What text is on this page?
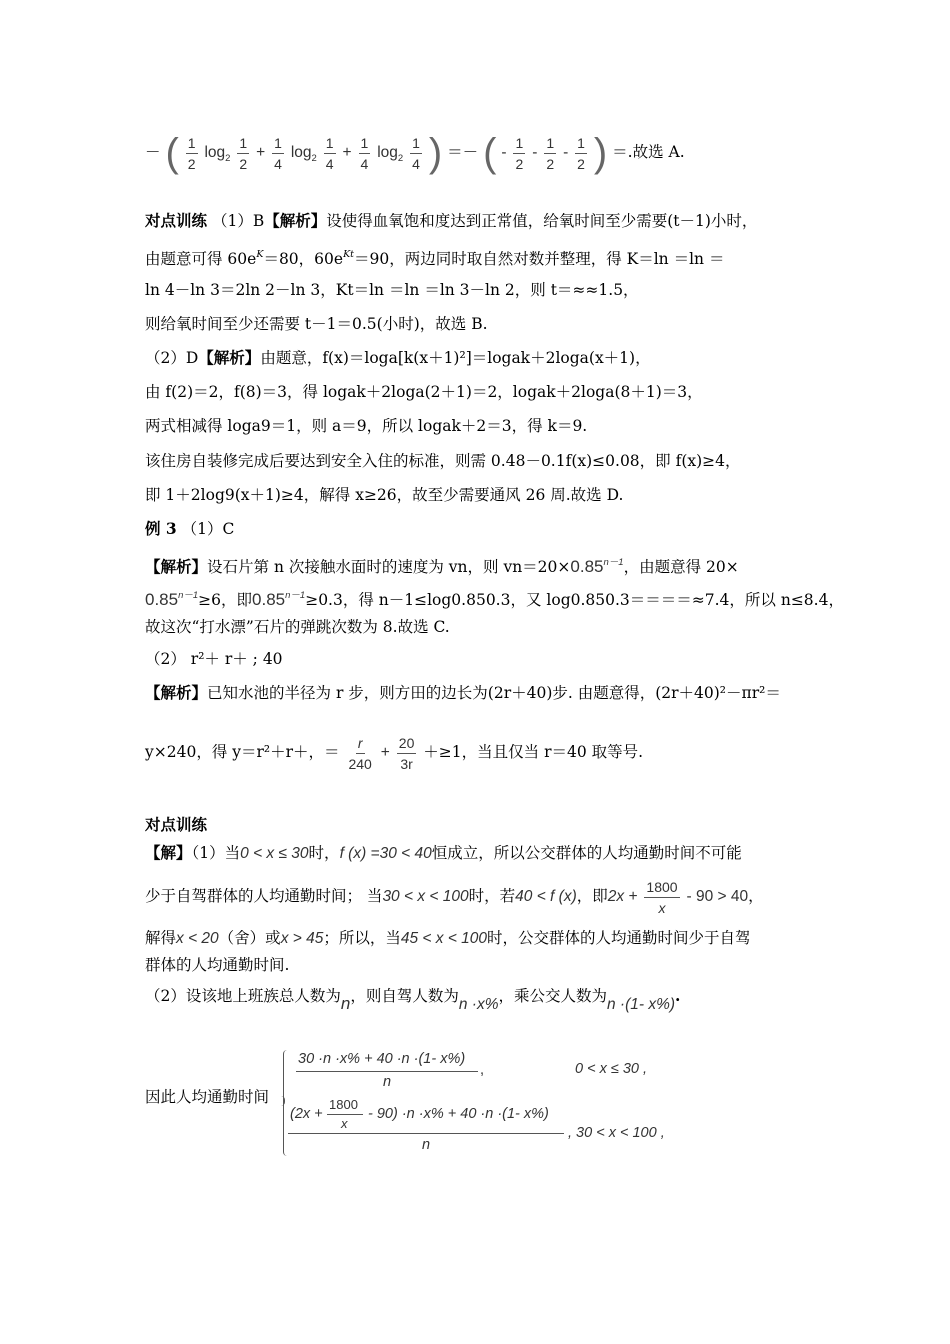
－ ( $\frac{1}{2} \log_2 \frac{1}{2} + \frac{1}{4} \log_2 \frac{1}{4} + \frac{1}{4} \log_2 \frac{1}{4}$ ) ＝－ ( - $\frac{1}{2} - \frac{1}{2} - \frac{1}{2}$ ) ＝.故选 A.
对点训练 （1）B【解析】设使得血氧饱和度达到正常值，给氧时间至少需要(t－1)小时，
由题意可得 $60e^K=80$，$60e^{Kt}=90$，两边同时取自然对数并整理，得 K＝ln ＝ln ＝
ln 4－ln 3＝2ln 2－ln 3，Kt＝ln ＝ln ＝ln 3－ln 2，则 t＝≈≈1.5，
则给氧时间至少还需要 t－1＝0.5(小时)，故选 B.
（2）D【解析】由题意，f(x)＝loga[k(x＋1)²]＝logak＋2loga(x＋1)，
由 f(2)＝2，f(8)＝3，得 logak＋2loga(2＋1)＝2，logak＋2loga(8＋1)＝3，
两式相减得 loga9＝1，则 a＝9，所以 logak＋2＝3，得 k＝9.
该住房自装修完成后要达到安全入住的标准，则需 0.48－0.1f(x)≤0.08，即 f(x)≥4，
即 1＋2log9(x＋1)≥4，解得 x≥26，故至少需要通风 26 周.故选 D.
例 3 （1）C
【解析】设石片第 n 次接触水面时的速度为 vn，则 $vn=20\times 0.85^{n-1}$，由题意得 20×
$0.85^{n-1}\ge 6$，即$0.85^{n-1}\ge 0.3$，得 n－1≤log0.850.3，又 log0.850.3＝＝＝＝≈7.4，所以 n≤8.4，
故这次“打水漂”石片的弹跳次数为 8.故选 C.
（2） r²＋ r＋ ; 40
【解析】已知水池的半径为 r 步，则方田的边长为(2r＋40)步. 由题意得，(2r＋40)²－πr²＝
y×240，得 y＝r²＋r＋，＝ $\frac{r}{240} + \frac{20}{3r} +\ge 1$，当且仅当 r＝40 取等号.
对点训练
【解】（1）当0 < x ≤ 30时，f (x) =30 < 40恒成立，所以公交群体的人均通勤时间不可能
少于自驾群体的人均通勤时间； 当30 < x < 100时，若40 < f (x)，即$2x + \frac{1800}{x} - 90 > 40$，
解得x < 20（舍）或x > 45；所以，当45 < x < 100时，公交群体的人均通勤时间少于自驾
群体的人均通勤时间.
（2）设该地上班族总人数为n，则自驾人数为n ·x%，乘公交人数为n ·(1- x%).
因此人均通勤时间
30 ·n ·x% + 40 ·n ·(1- x%)
n
,	0 < x ≤ 30 ,
(2x +
1800
x
- 90) ·n ·x% + 40 ·n ·(1- x%)
n
, 30 < x < 100 ,
